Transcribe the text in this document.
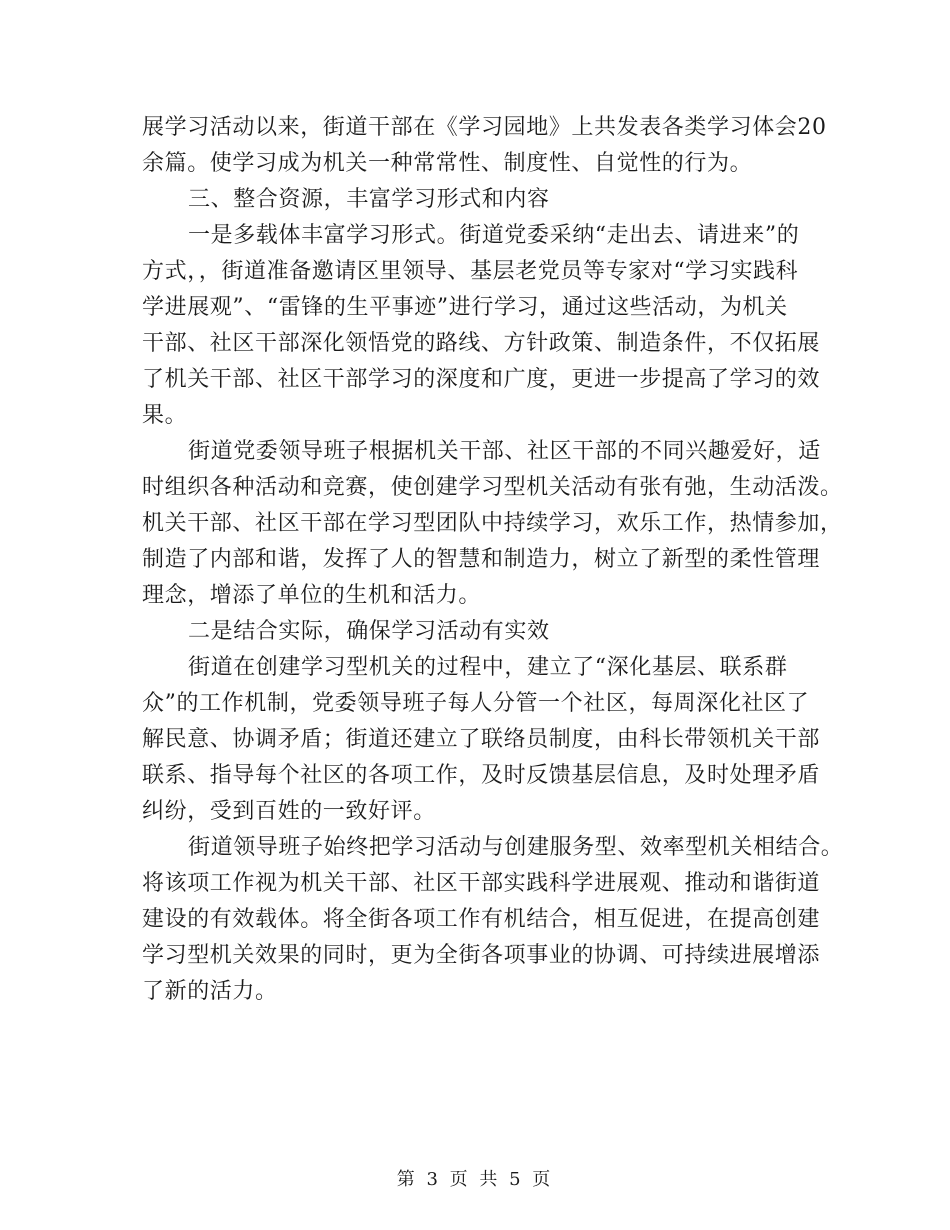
展学习活动以来，街道干部在《学习园地》上共发表各类学习体会20
余篇。使学习成为机关一种常常性、制度性、自觉性的行为。
三、整合资源，丰富学习形式和内容
一是多载体丰富学习形式。街道党委采纳“走出去、请进来”的
方式，，街道准备邀请区里领导、基层老党员等专家对“学习实践科
学进展观”、“雷锋的生平事迹”进行学习，通过这些活动，为机关
干部、社区干部深化领悟党的路线、方针政策、制造条件，不仅拓展
了机关干部、社区干部学习的深度和广度，更进一步提高了学习的效
果。
街道党委领导班子根据机关干部、社区干部的不同兴趣爱好，适
时组织各种活动和竞赛，使创建学习型机关活动有张有弛，生动活泼。
机关干部、社区干部在学习型团队中持续学习，欢乐工作，热情参加，
制造了内部和谐，发挥了人的智慧和制造力，树立了新型的柔性管理
理念，增添了单位的生机和活力。
二是结合实际，确保学习活动有实效
街道在创建学习型机关的过程中，建立了“深化基层、联系群
众”的工作机制，党委领导班子每人分管一个社区，每周深化社区了
解民意、协调矛盾；街道还建立了联络员制度，由科长带领机关干部
联系、指导每个社区的各项工作，及时反馈基层信息，及时处理矛盾
纠纷，受到百姓的一致好评。
街道领导班子始终把学习活动与创建服务型、效率型机关相结合。
将该项工作视为机关干部、社区干部实践科学进展观、推动和谐街道
建设的有效载体。将全街各项工作有机结合，相互促进，在提高创建
学习型机关效果的同时，更为全街各项事业的协调、可持续进展增添
了新的活力。
第 3 页 共 5 页
